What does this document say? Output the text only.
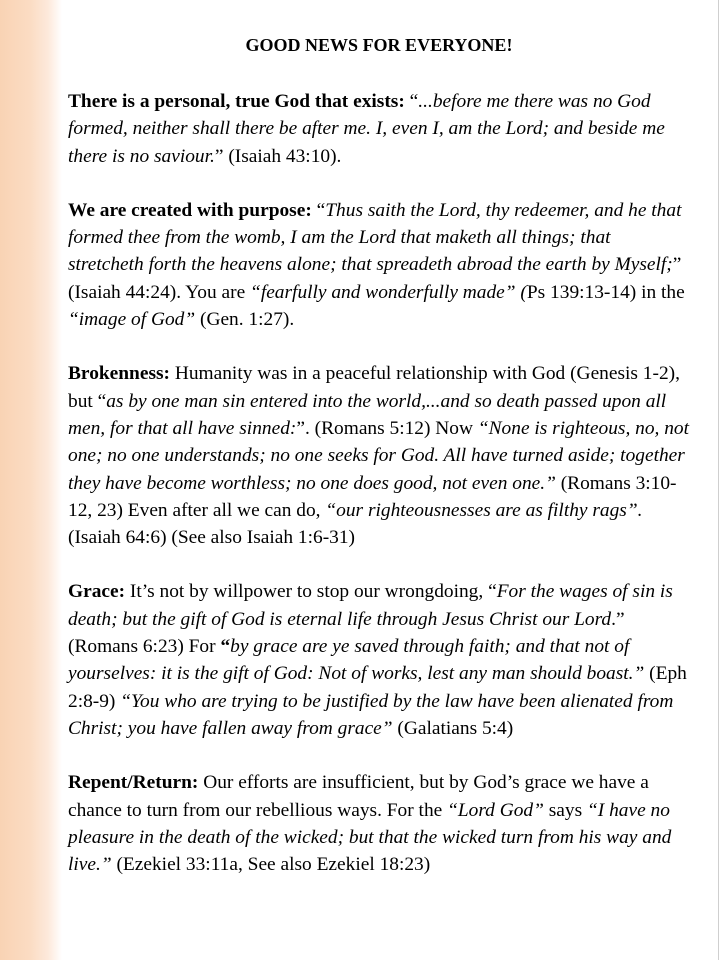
GOOD NEWS FOR EVERYONE!

There is a personal, true God that exists: “...before me there was no God formed, neither shall there be after me. I, even I, am the Lord; and beside me there is no saviour.” (Isaiah 43:10).

We are created with purpose: “Thus saith the Lord, thy redeemer, and he that formed thee from the womb, I am the Lord that maketh all things; that stretcheth forth the heavens alone; that spreadeth abroad the earth by Myself;” (Isaiah 44:24). You are “fearfully and wonderfully made” (Ps 139:13-14) in the “image of God” (Gen. 1:27).

Brokenness: Humanity was in a peaceful relationship with God (Genesis 1-2), but “as by one man sin entered into the world,...and so death passed upon all men, for that all have sinned:”. (Romans 5:12) Now “None is righteous, no, not one; no one understands; no one seeks for God. All have turned aside; together they have become worthless; no one does good, not even one.” (Romans 3:10-12, 23) Even after all we can do, “our righteousnesses are as filthy rags”. (Isaiah 64:6) (See also Isaiah 1:6-31)

Grace: It’s not by willpower to stop our wrongdoing, “For the wages of sin is death; but the gift of God is eternal life through Jesus Christ our Lord.” (Romans 6:23) For “by grace are ye saved through faith; and that not of yourselves: it is the gift of God: Not of works, lest any man should boast.” (Eph 2:8-9) “You who are trying to be justified by the law have been alienated from Christ; you have fallen away from grace” (Galatians 5:4)

Repent/Return: Our efforts are insufficient, but by God’s grace we have a chance to turn from our rebellious ways. For the “Lord God” says “I have no pleasure in the death of the wicked; but that the wicked turn from his way and live.” (Ezekiel 33:11a, See also Ezekiel 18:23)
